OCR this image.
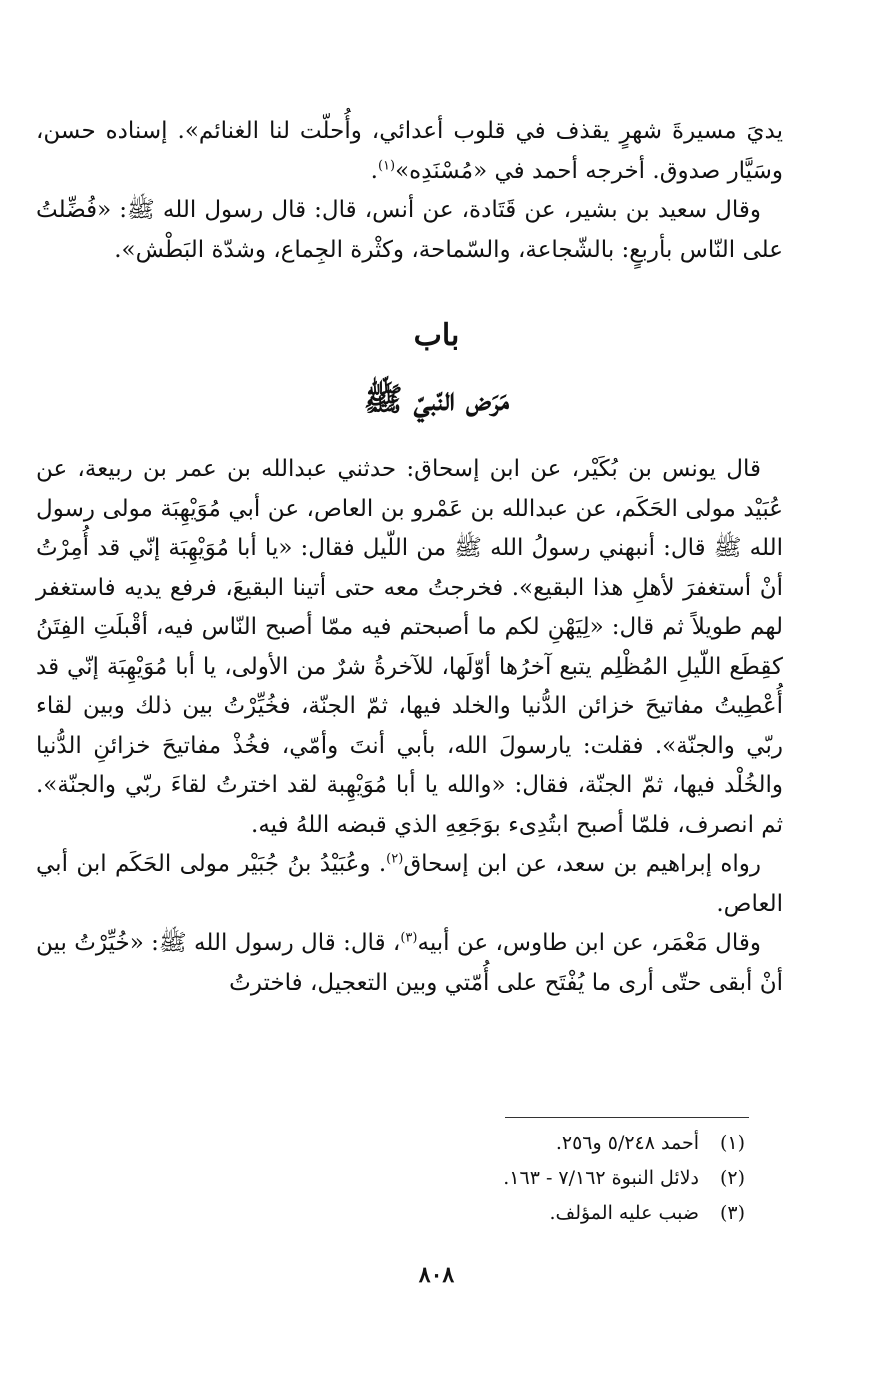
يديَ مسيرةَ شهرٍ يقذف في قلوب أعدائي، وأُحلّت لنا الغنائم». إسناده حسن، وسَيَّار صدوق. أخرجه أحمد في «مُسْنَدِه»$^{(١)}$.

وقال سعيد بن بشير، عن قَتَادة، عن أنس، قال: قال رسول الله ﷺ: «فُضِّلتُ على النّاس بأربعٍ: بالشّجاعة، والسّماحة، وكثْرة الجِماع، وشدّة البَطْش».

باب
مَرَض النّبيّ ﷺ

قال يونس بن بُكَيْر، عن ابن إسحاق: حدثني عبدالله بن عمر بن ربيعة، عن عُبَيْد مولى الحَكَم، عن عبدالله بن عَمْرو بن العاص، عن أبي مُوَيْهِبَة مولى رسول الله ﷺ قال: أنبهني رسولُ الله ﷺ من اللّيل فقال: «يا أبا مُوَيْهِبَة إنّي قد أُمِرْتُ أنْ أستغفرَ لأهلِ هذا البقيع». فخرجتُ معه حتى أتينا البقيعَ، فرفع يديه فاستغفر لهم طويلاً ثم قال: «لِيَهْنِ لكم ما أصبحتم فيه ممّا أصبح النّاس فيه، أقْبلَتِ الفِتَنُ كقِطَع اللّيلِ المُظْلِم يتبع آخرُها أوّلَها، للآخرةُ شرٌ من الأولى، يا أبا مُوَيْهِبَة إنّي قد أُعْطِيتُ مفاتيحَ خزائن الدُّنيا والخلد فيها، ثمّ الجنّة، فخُيِّرْتُ بين ذلك وبين لقاء ربّي والجنّة». فقلت: يارسولَ الله، بأبي أنتَ وأمّي، فخُذْ مفاتيحَ خزائنِ الدُّنيا والخُلْد فيها، ثمّ الجنّة، فقال: «والله يا أبا مُوَيْهِبة لقد اخترتُ لقاءَ ربّي والجنّة». ثم انصرف، فلمّا أصبح ابتُدِىء بوَجَعِهِ الذي قبضه اللهُ فيه.

رواه إبراهيم بن سعد، عن ابن إسحاق$^{(٢)}$. وعُبَيْدُ بنُ جُبَيْر مولى الحَكَم ابن أبي العاص.

وقال مَعْمَر، عن ابن طاوس، عن أبيه$^{(٣)}$، قال: قال رسول الله ﷺ: «خُيِّرْتُ بين أنْ أبقى حتّى أرى ما يُفْتَح على أُمّتي وبين التعجيل، فاخترتُ

(١)
أحمد ٥/٢٤٨ و٢٥٦.
(٢)
دلائل النبوة ٧/١٦٢ - ١٦٣.
(٣)
ضبب عليه المؤلف.
٨٠٨
